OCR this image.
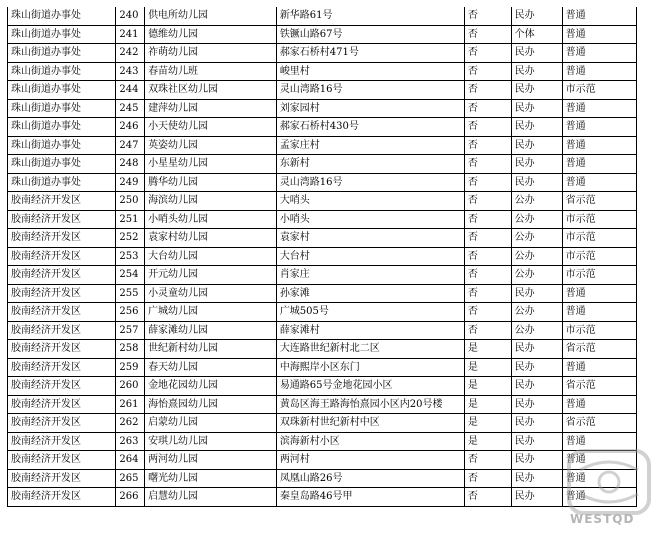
珠山街道办事处	240	供电所幼儿园	新华路61号	否	民办	普通
珠山街道办事处	241	德维幼儿园	铁镢山路67号	否	个体	普通
珠山街道办事处	242	祚萌幼儿园	郝家石桥村471号	否	民办	普通
珠山街道办事处	243	春苗幼儿班	峻里村	否	民办	普通
珠山街道办事处	244	双珠社区幼儿园	灵山湾路16号	否	民办	市示范
珠山街道办事处	245	建萍幼儿园	刘家园村	否	民办	普通
珠山街道办事处	246	小天使幼儿园	郝家石桥村430号	否	民办	普通
珠山街道办事处	247	英姿幼儿园	孟家庄村	否	民办	普通
珠山街道办事处	248	小星星幼儿园	东新村	否	民办	普通
珠山街道办事处	249	腾华幼儿园	灵山湾路16号	否	民办	普通
胶南经济开发区	250	海滨幼儿园	大哨头	否	公办	省示范
胶南经济开发区	251	小哨头幼儿园	小哨头	否	公办	市示范
胶南经济开发区	252	袁家村幼儿园	袁家村	否	公办	市示范
胶南经济开发区	253	大台幼儿园	大台村	否	公办	市示范
胶南经济开发区	254	开元幼儿园	肖家庄	否	公办	市示范
胶南经济开发区	255	小灵童幼儿园	孙家滩	否	民办	普通
胶南经济开发区	256	广城幼儿园	广城505号	否	公办	普通
胶南经济开发区	257	薛家滩幼儿园	薛家滩村	否	公办	市示范
胶南经济开发区	258	世纪新村幼儿园	大连路世纪新村北二区	是	民办	省示范
胶南经济开发区	259	春天幼儿园	中海熙岸小区东门	是	民办	普通
胶南经济开发区	260	金地花园幼儿园	易通路65号金地花园小区	是	民办	省示范
胶南经济开发区	261	海怡熹园幼儿园	黄岛区海王路海怡熹园小区内20号楼	是	民办	普通
胶南经济开发区	262	启蒙幼儿园	双珠新村世纪新村中区	是	民办	省示范
胶南经济开发区	263	安琪儿幼儿园	滨海新村小区	是	民办	普通
胶南经济开发区	264	两河幼儿园	两河村	否	民办	普通
胶南经济开发区	265	曙光幼儿园	凤凰山路26号	否	民办	普通
胶南经济开发区	266	启慧幼儿园	秦皇岛路46号甲	否	民办	普通
WESTQD
